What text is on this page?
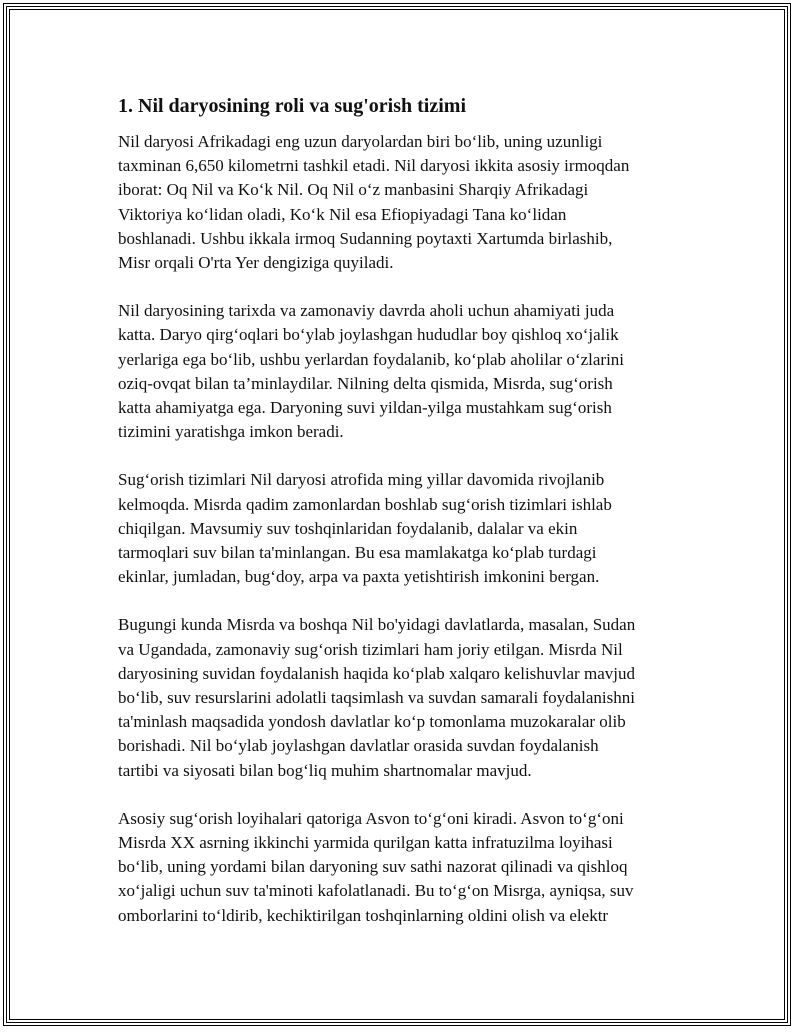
1. Nil daryosining roli va sug'orish tizimi

Nil daryosi Afrikadagi eng uzun daryolardan biri bo‘lib, uning uzunligi
taxminan 6,650 kilometrni tashkil etadi. Nil daryosi ikkita asosiy irmoqdan
iborat: Oq Nil va Ko‘k Nil. Oq Nil o‘z manbasini Sharqiy Afrikadagi
Viktoriya ko‘lidan oladi, Ko‘k Nil esa Efiopiyadagi Tana ko‘lidan
boshlanadi. Ushbu ikkala irmoq Sudanning poytaxti Xartumda birlashib,
Misr orqali O'rta Yer dengiziga quyiladi.

Nil daryosining tarixda va zamonaviy davrda aholi uchun ahamiyati juda
katta. Daryo qirg‘oqlari bo‘ylab joylashgan hududlar boy qishloq xo‘jalik
yerlariga ega bo‘lib, ushbu yerlardan foydalanib, ko‘plab aholilar o‘zlarini
oziq-ovqat bilan ta’minlaydilar. Nilning delta qismida, Misrda, sug‘orish
katta ahamiyatga ega. Daryoning suvi yildan-yilga mustahkam sug‘orish
tizimini yaratishga imkon beradi.

Sug‘orish tizimlari Nil daryosi atrofida ming yillar davomida rivojlanib
kelmoqda. Misrda qadim zamonlardan boshlab sug‘orish tizimlari ishlab
chiqilgan. Mavsumiy suv toshqinlaridan foydalanib, dalalar va ekin
tarmoqlari suv bilan ta'minlangan. Bu esa mamlakatga ko‘plab turdagi
ekinlar, jumladan, bug‘doy, arpa va paxta yetishtirish imkonini bergan.

Bugungi kunda Misrda va boshqa Nil bo'yidagi davlatlarda, masalan, Sudan
va Ugandada, zamonaviy sug‘orish tizimlari ham joriy etilgan. Misrda Nil
daryosining suvidan foydalanish haqida ko‘plab xalqaro kelishuvlar mavjud
bo‘lib, suv resurslarini adolatli taqsimlash va suvdan samarali foydalanishni
ta'minlash maqsadida yondosh davlatlar ko‘p tomonlama muzokaralar olib
borishadi. Nil bo‘ylab joylashgan davlatlar orasida suvdan foydalanish
tartibi va siyosati bilan bog‘liq muhim shartnomalar mavjud.

Asosiy sug‘orish loyihalari qatoriga Asvon to‘g‘oni kiradi. Asvon to‘g‘oni
Misrda XX asrning ikkinchi yarmida qurilgan katta infratuzilma loyihasi
bo‘lib, uning yordami bilan daryoning suv sathi nazorat qilinadi va qishloq
xo‘jaligi uchun suv ta'minoti kafolatlanadi. Bu to‘g‘on Misrga, ayniqsa, suv
omborlarini to‘ldirib, kechiktirilgan toshqinlarning oldini olish va elektr
